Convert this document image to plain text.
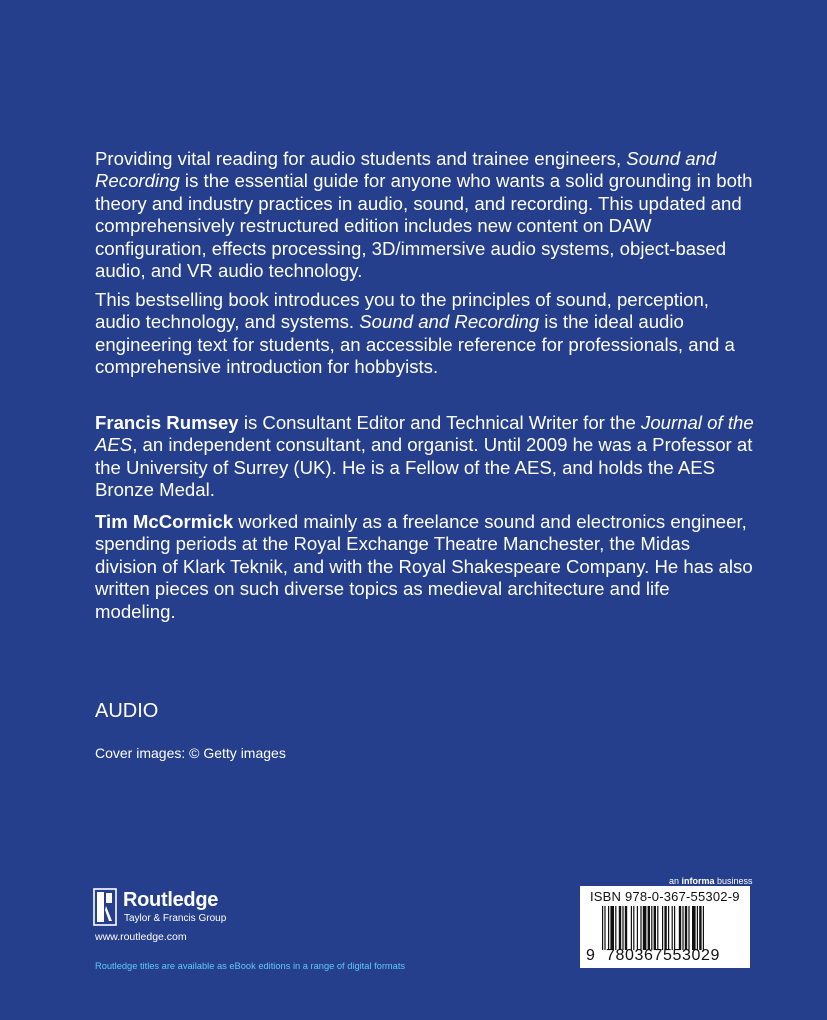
Providing vital reading for audio students and trainee engineers, Sound and Recording is the essential guide for anyone who wants a solid grounding in both theory and industry practices in audio, sound, and recording. This updated and comprehensively restructured edition includes new content on DAW configuration, effects processing, 3D/immersive audio systems, object-based audio, and VR audio technology.

This bestselling book introduces you to the principles of sound, perception, audio technology, and systems. Sound and Recording is the ideal audio engineering text for students, an accessible reference for professionals, and a comprehensive introduction for hobbyists.

Francis Rumsey is Consultant Editor and Technical Writer for the Journal of the AES, an independent consultant, and organist. Until 2009 he was a Professor at the University of Surrey (UK). He is a Fellow of the AES, and holds the AES Bronze Medal.

Tim McCormick worked mainly as a freelance sound and electronics engineer, spending periods at the Royal Exchange Theatre Manchester, the Midas division of Klark Teknik, and with the Royal Shakespeare Company. He has also written pieces on such diverse topics as medieval architecture and life modeling.

AUDIO
Cover images: © Getty images
Routledge
Taylor & Francis Group
www.routledge.com
Routledge titles are available as eBook editions in a range of digital formats
an informa business
ISBN 978-0-367-55302-9
9 780367553029
